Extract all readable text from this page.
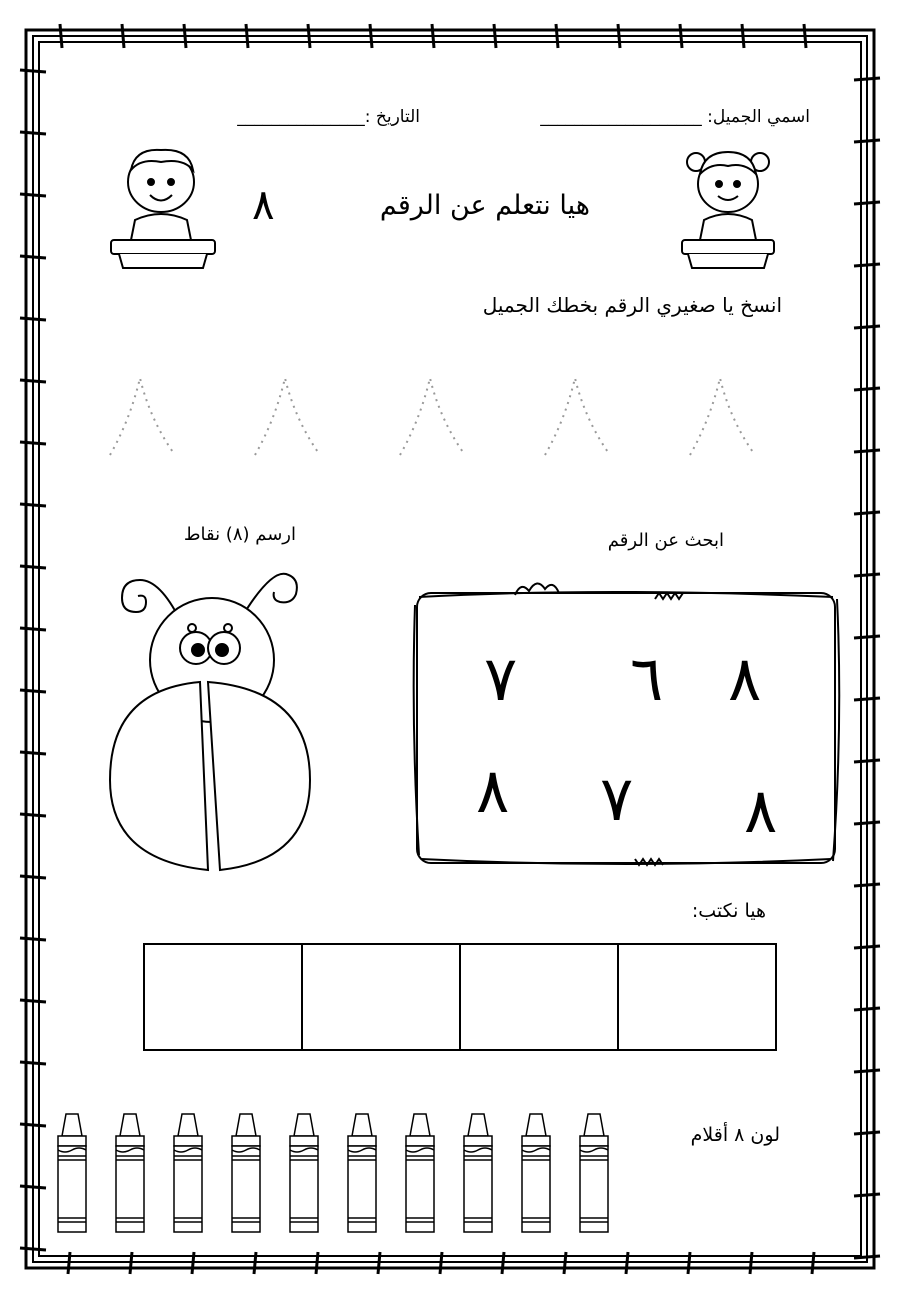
اسمي الجميل: ___________________
التاريخ :_______________
هيا نتعلم عن الرقم
٨
انسخ يا صغيري الرقم بخطك الجميل
ارسم (٨) نقاط	ابحث عن الرقم
٧ ٦ ٨
٨ ٧ ٨
هيا نكتب:
لون ٨ أقلام
